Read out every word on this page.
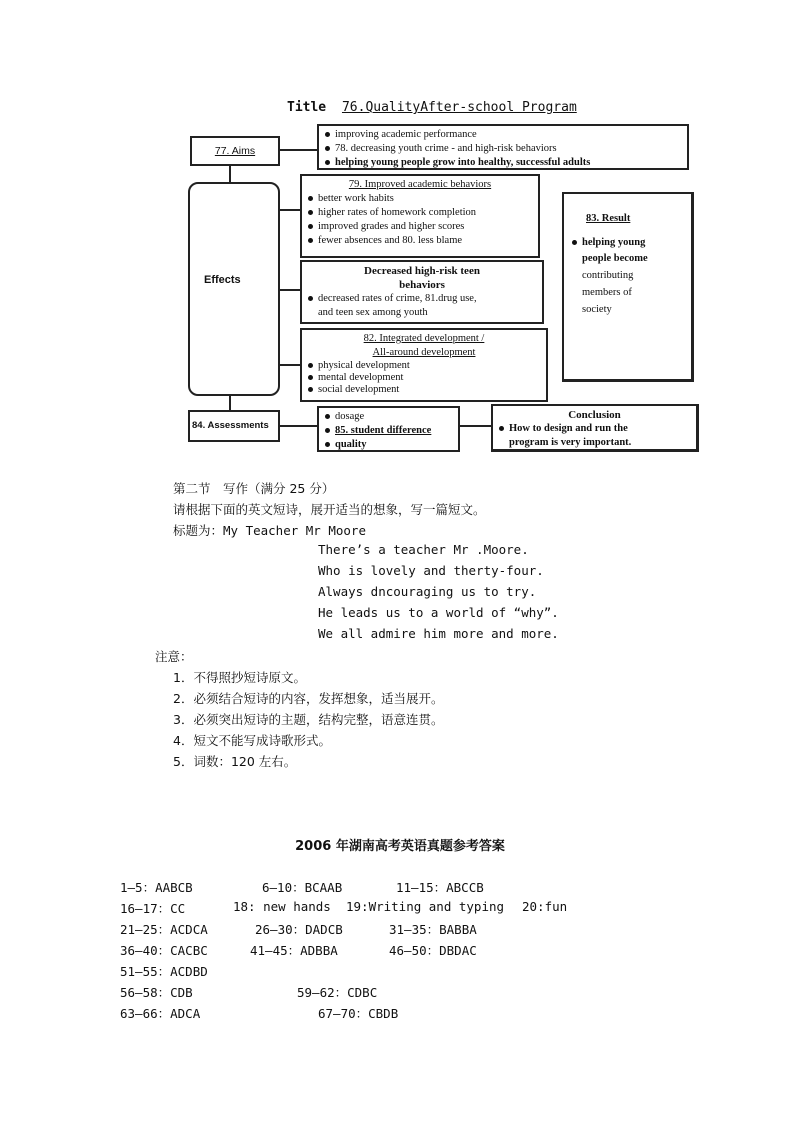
Title 76.QualityAfter-school Program
77. Aims
improving academic performance
78. decreasing youth crime - and high-risk behaviors
helping young people grow into healthy, successful adults
Effects
79. Improved academic behaviors
better work habits
higher rates of homework completion
improved grades and higher scores
fewer absences and 80. less blame
Decreased high-risk teen
behaviors
decreased rates of crime, 81.drug use,
and teen sex among youth
82. Integrated development /
All-around development
physical development
mental development
social development
83. Result
helping young
people become
contributing
members of
society
84. Assessments
dosage
85. student difference
quality
Conclusion
How to design and run the
program is very important.
第二节　写作（满分 25 分）
请根据下面的英文短诗，展开适当的想象，写一篇短文。
标题为：My Teacher Mr Moore
There’s a teacher Mr .Moore.
Who is lovely and therty-four.
Always dncouraging us to try.
He leads us to a world of “why”.
We all admire him more and more.
注意：
1．不得照抄短诗原文。
2．必须结合短诗的内容，发挥想象，适当展开。
3．必须突出短诗的主题，结构完整，语意连贯。
4．短文不能写成诗歌形式。
5．词数：120 左右。
2006 年湖南高考英语真题参考答案
1—5：AABCB	6—10：BCAAB	11—15：ABCCB
16—17：CC	18: new hands 19:Writing and typing 20:fun
21—25：ACDCA	26—30：DADCB	31—35：BABBA
36—40：CACBC	41—45：ADBBA	46—50：DBDAC
51—55：ACDBD
56—58：CDB	59—62：CDBC
63—66：ADCA	67—70：CBDB
